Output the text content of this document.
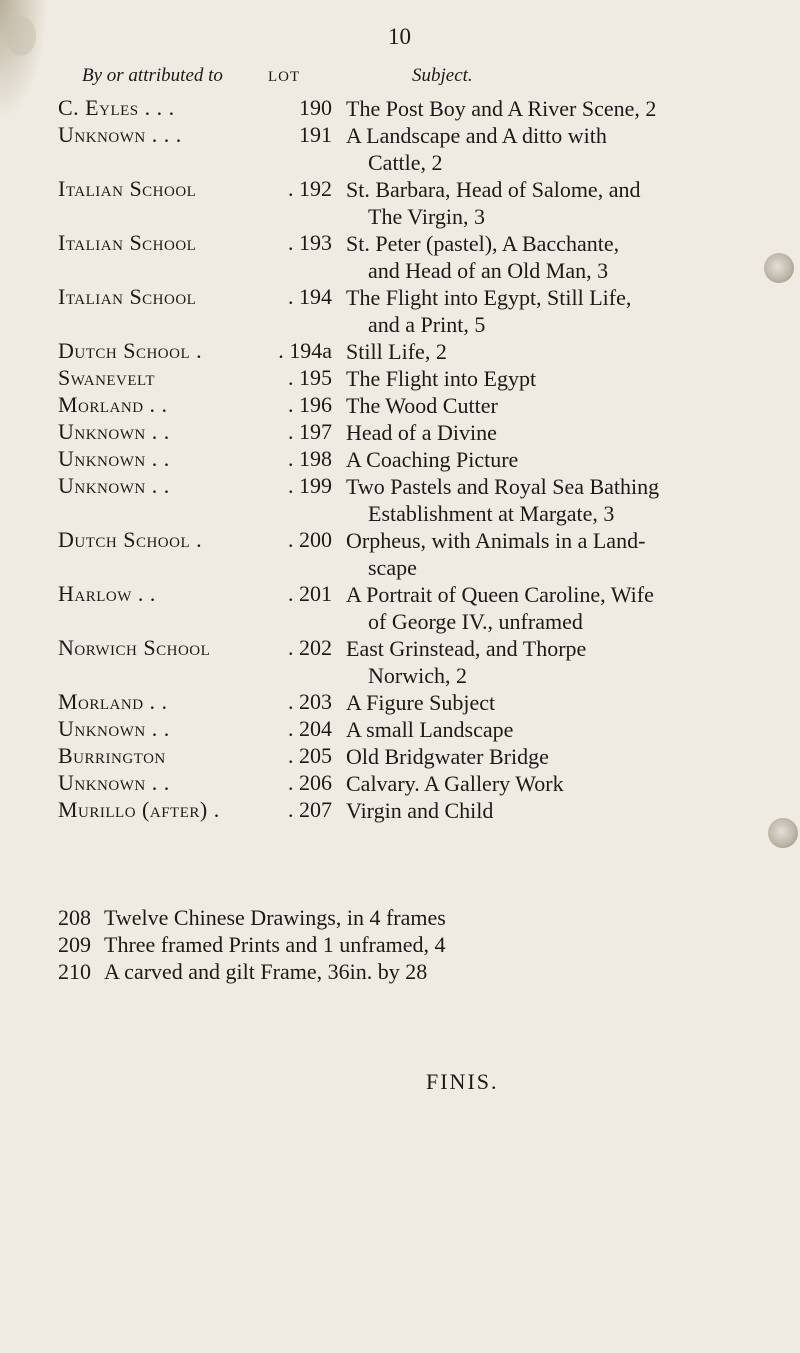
10
By or attributed to	LOT	Subject.
C. Eyles . . .	190 The Post Boy and A River Scene, 2
Unknown . . .	191 A Landscape and A ditto with
Cattle, 2
Italian School	. 192 St. Barbara, Head of Salome, and
The Virgin, 3
Italian School	. 193 St. Peter (pastel), A Bacchante,
and Head of an Old Man, 3
Italian School	. 194 The Flight into Egypt, Still Life,
and a Print, 5
Dutch School .	. 194a Still Life, 2
Swanevelt	. 195 The Flight into Egypt
Morland . .	. 196 The Wood Cutter
Unknown . .	. 197 Head of a Divine
Unknown . .	. 198 A Coaching Picture
Unknown . .	. 199 Two Pastels and Royal Sea Bathing
Establishment at Margate, 3
Dutch School .	. 200 Orpheus, with Animals in a Land-
scape
Harlow . .	. 201 A Portrait of Queen Caroline, Wife
of George IV., unframed
Norwich School	. 202 East Grinstead, and Thorpe
Norwich, 2
Morland . .	. 203 A Figure Subject
Unknown . .	. 204 A small Landscape
Burrington	. 205 Old Bridgwater Bridge
Unknown . .	. 206 Calvary. A Gallery Work
Murillo (after) .	. 207 Virgin and Child
208 Twelve Chinese Drawings, in 4 frames
209 Three framed Prints and 1 unframed, 4
210 A carved and gilt Frame, 36in. by 28
FINIS.
